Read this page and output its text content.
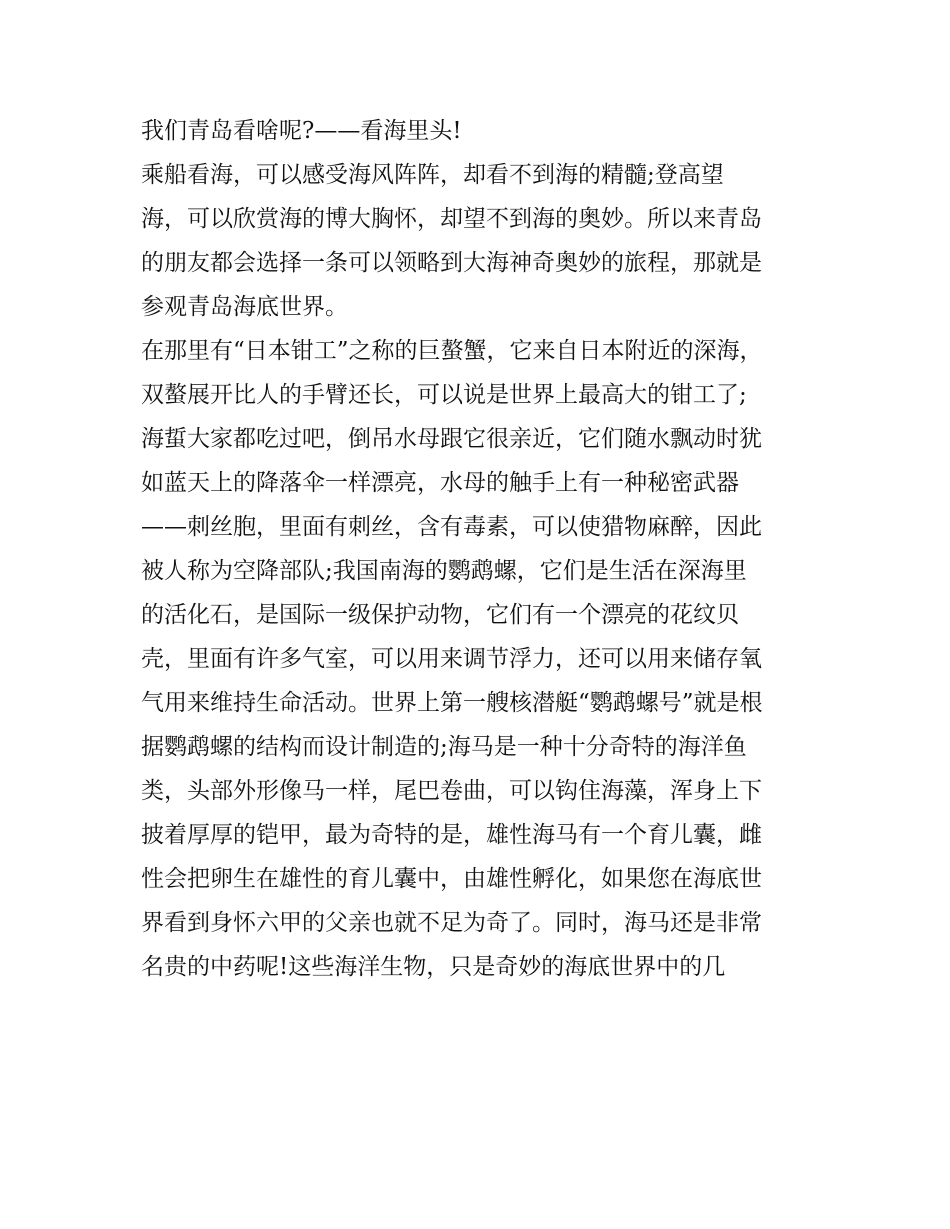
我们青岛看啥呢?——看海里头!
乘船看海，可以感受海风阵阵，却看不到海的精髓;登高望
海，可以欣赏海的博大胸怀，却望不到海的奥妙。所以来青岛
的朋友都会选择一条可以领略到大海神奇奥妙的旅程，那就是
参观青岛海底世界。
在那里有“日本钳工”之称的巨螯蟹，它来自日本附近的深海，
双螯展开比人的手臂还长，可以说是世界上最高大的钳工了;
海蜇大家都吃过吧，倒吊水母跟它很亲近，它们随水飘动时犹
如蓝天上的降落伞一样漂亮，水母的触手上有一种秘密武器
——刺丝胞，里面有刺丝，含有毒素，可以使猎物麻醉，因此
被人称为空降部队;我国南海的鹦鹉螺，它们是生活在深海里
的活化石，是国际一级保护动物，它们有一个漂亮的花纹贝
壳，里面有许多气室，可以用来调节浮力，还可以用来储存氧
气用来维持生命活动。世界上第一艘核潜艇“鹦鹉螺号”就是根
据鹦鹉螺的结构而设计制造的;海马是一种十分奇特的海洋鱼
类，头部外形像马一样，尾巴卷曲，可以钩住海藻，浑身上下
披着厚厚的铠甲，最为奇特的是，雄性海马有一个育儿囊，雌
性会把卵生在雄性的育儿囊中，由雄性孵化，如果您在海底世
界看到身怀六甲的父亲也就不足为奇了。同时，海马还是非常
名贵的中药呢!这些海洋生物，只是奇妙的海底世界中的几
